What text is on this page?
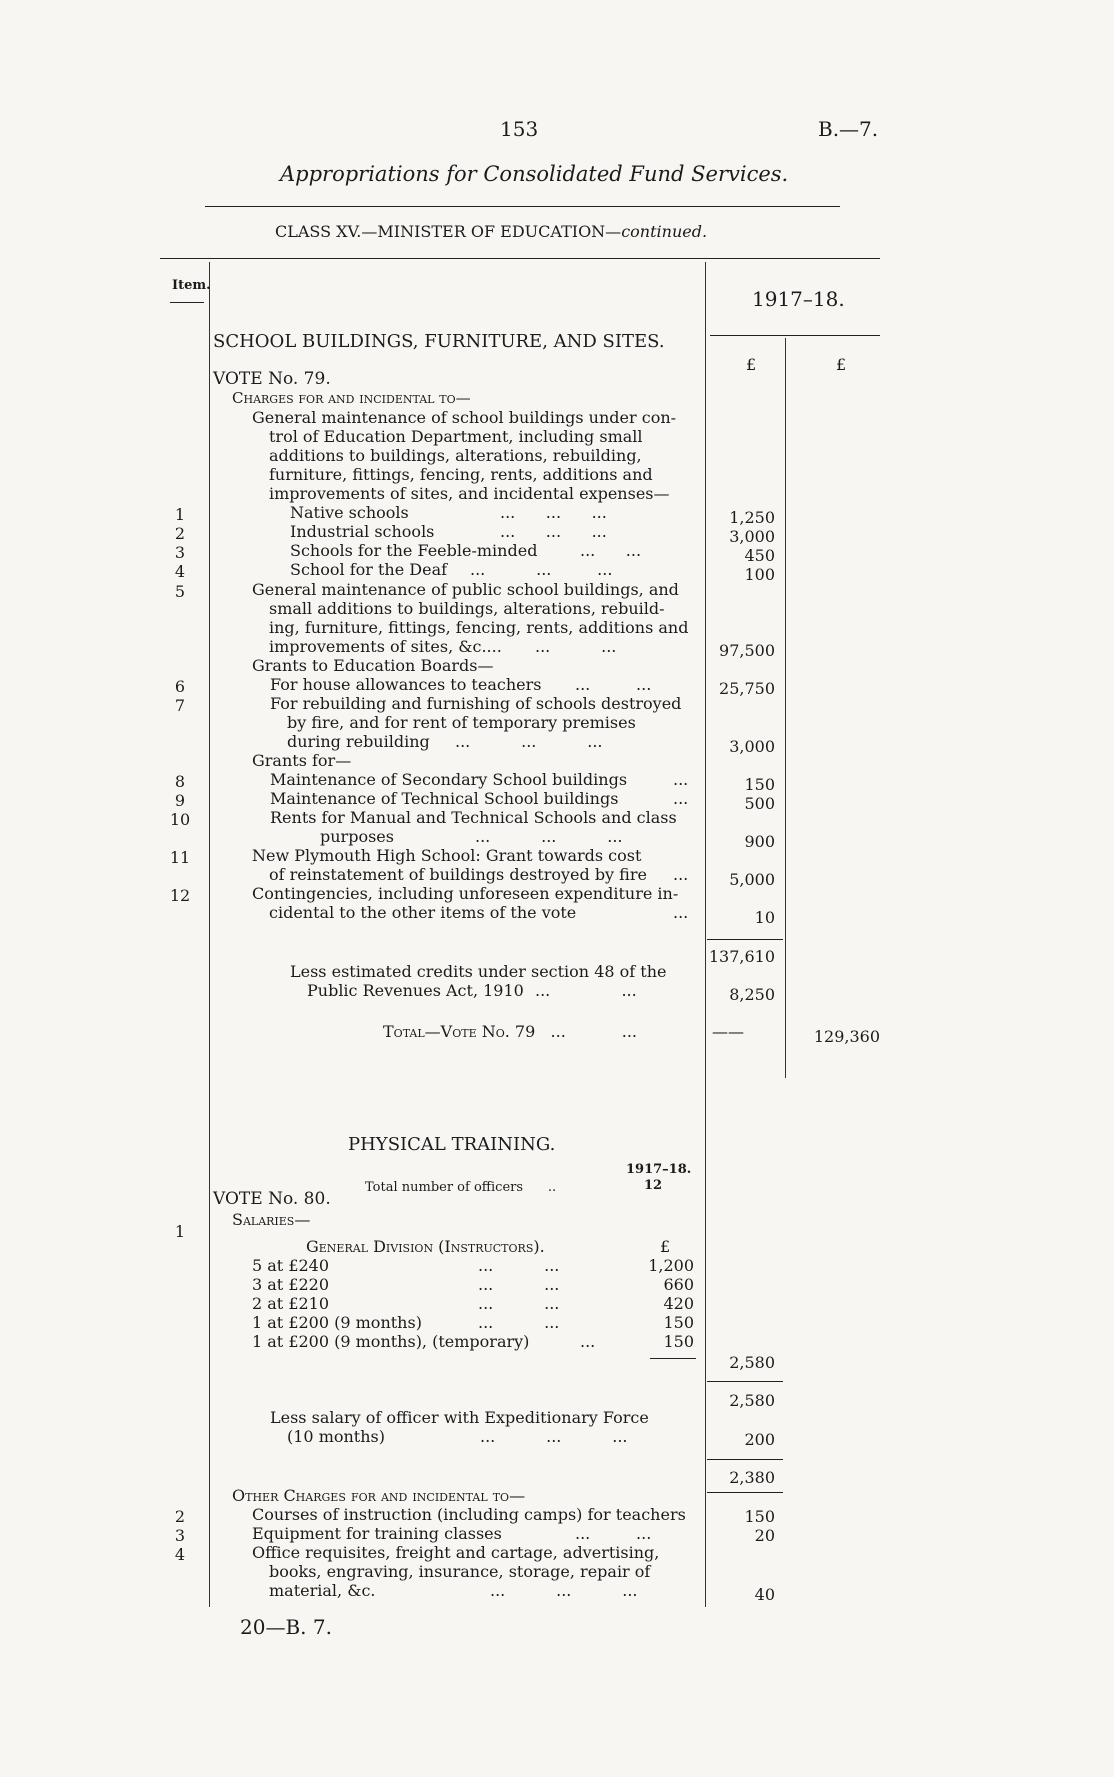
153	B.—7.
Appropriations for Consolidated Fund Services.
CLASS XV.—MINISTER OF EDUCATION—continued.
Item.
1917–18.
£	£
SCHOOL BUILDINGS, FURNITURE, AND SITES.
VOTE No. 79.
Charges for and incidental to—
General maintenance of school buildings under con-
trol of Education Department, including small
additions to buildings, alterations, rebuilding,
furniture, fittings, fencing, rents, additions and
improvements of sites, and incidental expenses—
1	Native schools	... ... ...	1,250
2	Industrial schools	... ... ...	3,000
3	Schools for the Feeble-minded	... ...	450
4	School for the Deaf ...	...	...	100
5	General maintenance of public school buildings, and
small additions to buildings, alterations, rebuild-
ing, furniture, fittings, fencing, rents, additions and
improvements of sites, &c....	...	...	97,500
Grants to Education Boards—
6	For house allowances to teachers ...	...	25,750
7	For rebuilding and furnishing of schools destroyed
by fire, and for rent of temporary premises
during rebuilding	...	...	...	3,000
Grants for—
8	Maintenance of Secondary School buildings	...	150
9	Maintenance of Technical School buildings	...	500
10	Rents for Manual and Technical Schools and class
purposes	...	...	...	900
11	New Plymouth High School: Grant towards cost
of reinstatement of buildings destroyed by fire ...	5,000
12	Contingencies, including unforeseen expenditure in-
cidental to the other items of the vote	...	10
137,610
Less estimated credits under section 48 of the
Public Revenues Act, 1910 ...	...	8,250
Total—Vote No. 79 ...	...	——	129,360
PHYSICAL TRAINING.
1917–18.
Total number of officers      ..	12
VOTE No. 80.
1
Salaries—
General Division (Instructors).	£
5 at £240	...	...	1,200
3 at £220	...	...	660
2 at £210	...	...	420
1 at £200 (9 months)	...	...	150
1 at £200 (9 months), (temporary)	...	150
2,580
2,580
Less salary of officer with Expeditionary Force
(10 months)	...	...	...	200
2,380
Other Charges for and incidental to—
2	Courses of instruction (including camps) for teachers	150
3	Equipment for training classes	...	...	20
4	Office requisites, freight and cartage, advertising,
books, engraving, insurance, storage, repair of
material, &c.	...	...	...	40
20—B. 7.
